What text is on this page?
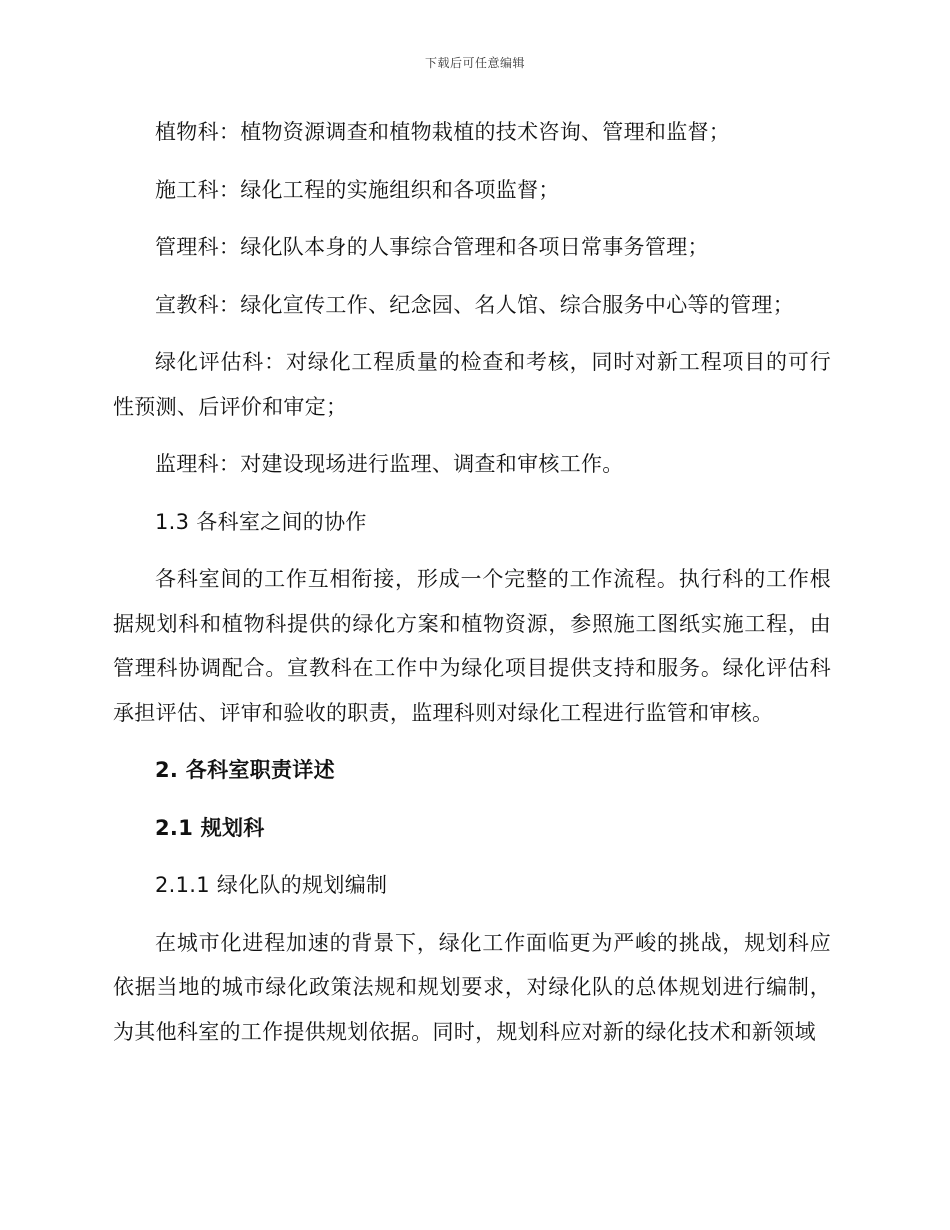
下载后可任意编辑

植物科：植物资源调查和植物栽植的技术咨询、管理和监督；

施工科：绿化工程的实施组织和各项监督；

管理科：绿化队本身的人事综合管理和各项日常事务管理；

宣教科：绿化宣传工作、纪念园、名人馆、综合服务中心等的管理；

绿化评估科：对绿化工程质量的检查和考核，同时对新工程项目的可行性预测、后评价和审定；

监理科：对建设现场进行监理、调查和审核工作。

1.3 各科室之间的协作

各科室间的工作互相衔接，形成一个完整的工作流程。执行科的工作根据规划科和植物科提供的绿化方案和植物资源，参照施工图纸实施工程，由管理科协调配合。宣教科在工作中为绿化项目提供支持和服务。绿化评估科承担评估、评审和验收的职责，监理科则对绿化工程进行监管和审核。

2. 各科室职责详述

2.1 规划科

2.1.1 绿化队的规划编制

在城市化进程加速的背景下，绿化工作面临更为严峻的挑战，规划科应依据当地的城市绿化政策法规和规划要求，对绿化队的总体规划进行编制，为其他科室的工作提供规划依据。同时，规划科应对新的绿化技术和新领域
